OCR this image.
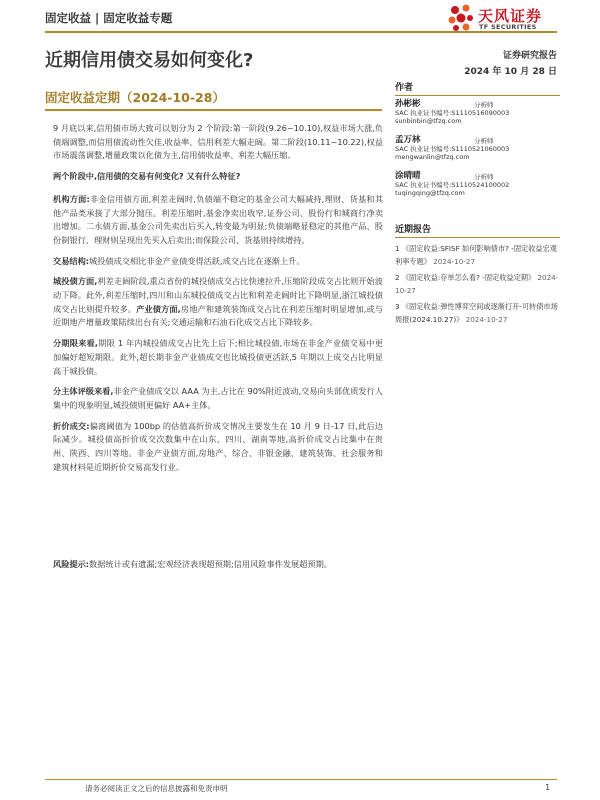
固定收益 | 固定收益专题	天风证券
TF SECURITIES
近期信用债交易如何变化?	证券研究报告
2024 年 10 月 28 日
固定收益定期（2024-10-28）

9 月底以来,信用债市场大致可以划分为 2 个阶段:第一阶段(9.26~10.10),权益市场大涨,负债端调整,而信用债流动性欠佳,收益率、信用利差大幅走阔。第二阶段(10.11~10.22),权益市场震荡调整,增量政策以化债为主,信用债收益率、利差大幅压缩。

两个阶段中,信用债的交易有何变化? 又有什么特征?

机构方面:非金信用债方面,利差走阔时,负债端不稳定的基金公司大幅减持,理财、货基和其他产品类承接了大部分抛压。利差压缩时,基金净卖出收窄,证券公司、股份行和城商行净卖出增加。二永债方面,基金公司先卖出后买入,转变最为明显;负债端略显稳定的其他产品、股份制银行、理财则呈现出先买入后卖出;而保险公司、货基则持续增持。

交易结构:城投债成交相比非金产业债变得活跃,成交占比在逐渐上升。

城投债方面,利差走阔阶段,重点省份的城投债成交占比快速拉升,压缩阶段成交占比则开始波动下降。此外,利差压缩时,四川和山东城投债成交占比和利差走阔时比下降明显,浙江城投债成交占比则提升较多。产业债方面,房地产和建筑装饰成交占比在利差压缩时明显增加,或与近期地产增量政策陆续出台有关;交通运输和石油石化成交占比下降较多。

分期限来看,期限 1 年内城投债成交占比先上后下;相比城投债,市场在非金产业债交易中更加偏好超短期限。此外,超长期非金产业债成交也比城投债更活跃,5 年期以上成交占比明显高于城投债。

分主体评级来看,非金产业债成交以 AAA 为主,占比在 90%附近波动,交易向头部优质发行人集中的现象明显,城投债则更偏好 AA+主体。

折价成交:偏离阈值为 100bp 的估值高折价成交情况主要发生在 10 月 9 日-17 日,此后边际减少。城投债高折价成交次数集中在山东、四川、湖南等地,高折价成交占比集中在贵州、陕西、四川等地。非金产业债方面,房地产、综合、非银金融、建筑装饰、社会服务和建筑材料是近期折价交易高发行业。

风险提示:数据统计或有遗漏;宏观经济表现超预期;信用风险事件发展超预期。
作者
孙彬彬	分析师
SAC 执业证书编号:S1110516090003
sunbinbin@tfzq.com
孟万林	分析师
SAC 执业证书编号:S1110521060003
mengwanlin@tfzq.com
涂晴晴	分析师
SAC 执业证书编号:S1110524100002
tuqingqing@tfzq.com
近期报告
1 《固定收益:SFISF 如何影响债市? -固定收益宏观利率专题》 2024-10-27
2 《固定收益:存单怎么看? -固定收益定期》 2024-10-27
3 《固定收益:弹性博弈空间或逐渐打开-可转债市场周报(2024.10.27)》 2024-10-27
请务必阅读正文之后的信息披露和免责申明	1
